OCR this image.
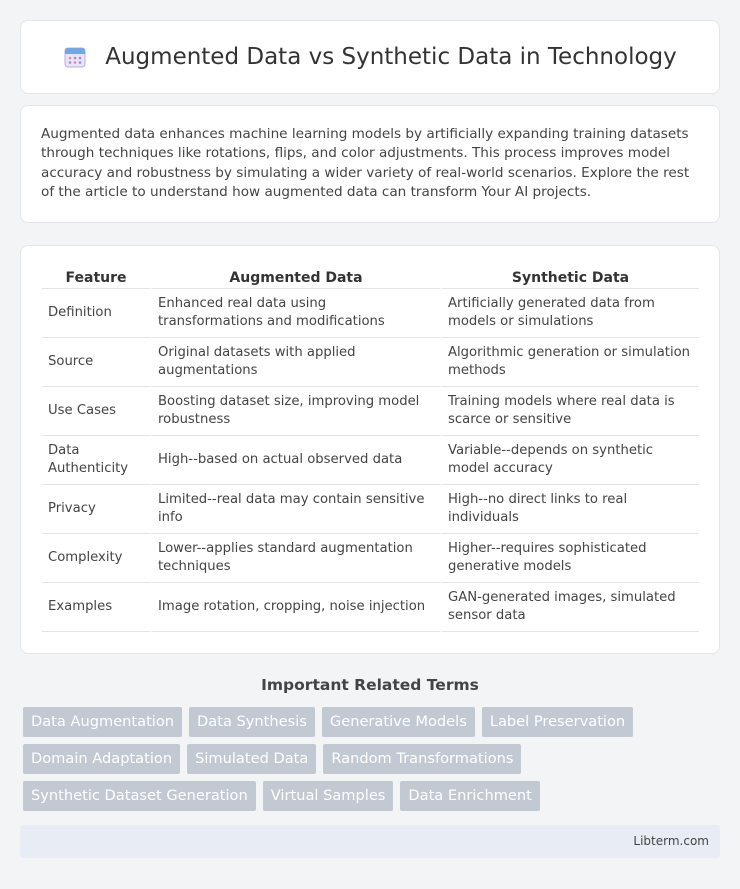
Augmented Data vs Synthetic Data in Technology

Augmented data enhances machine learning models by artificially expanding training datasets through techniques like rotations, flips, and color adjustments. This process improves model accuracy and robustness by simulating a wider variety of real-world scenarios. Explore the rest of the article to understand how augmented data can transform Your AI projects.

Feature	Augmented Data	Synthetic Data
Definition	Enhanced real data using transformations and modifications	Artificially generated data from models or simulations
Source	Original datasets with applied augmentations	Algorithmic generation or simulation methods
Use Cases	Boosting dataset size, improving model robustness	Training models where real data is scarce or sensitive
Data Authenticity	High--based on actual observed data	Variable--depends on synthetic model accuracy
Privacy	Limited--real data may contain sensitive info	High--no direct links to real individuals
Complexity	Lower--applies standard augmentation techniques	Higher--requires sophisticated generative models
Examples	Image rotation, cropping, noise injection	GAN-generated images, simulated sensor data
Important Related Terms
Data Augmentation	Data Synthesis	Generative Models	Label Preservation
Domain Adaptation	Simulated Data	Random Transformations
Synthetic Dataset Generation	Virtual Samples	Data Enrichment
Libterm.com
